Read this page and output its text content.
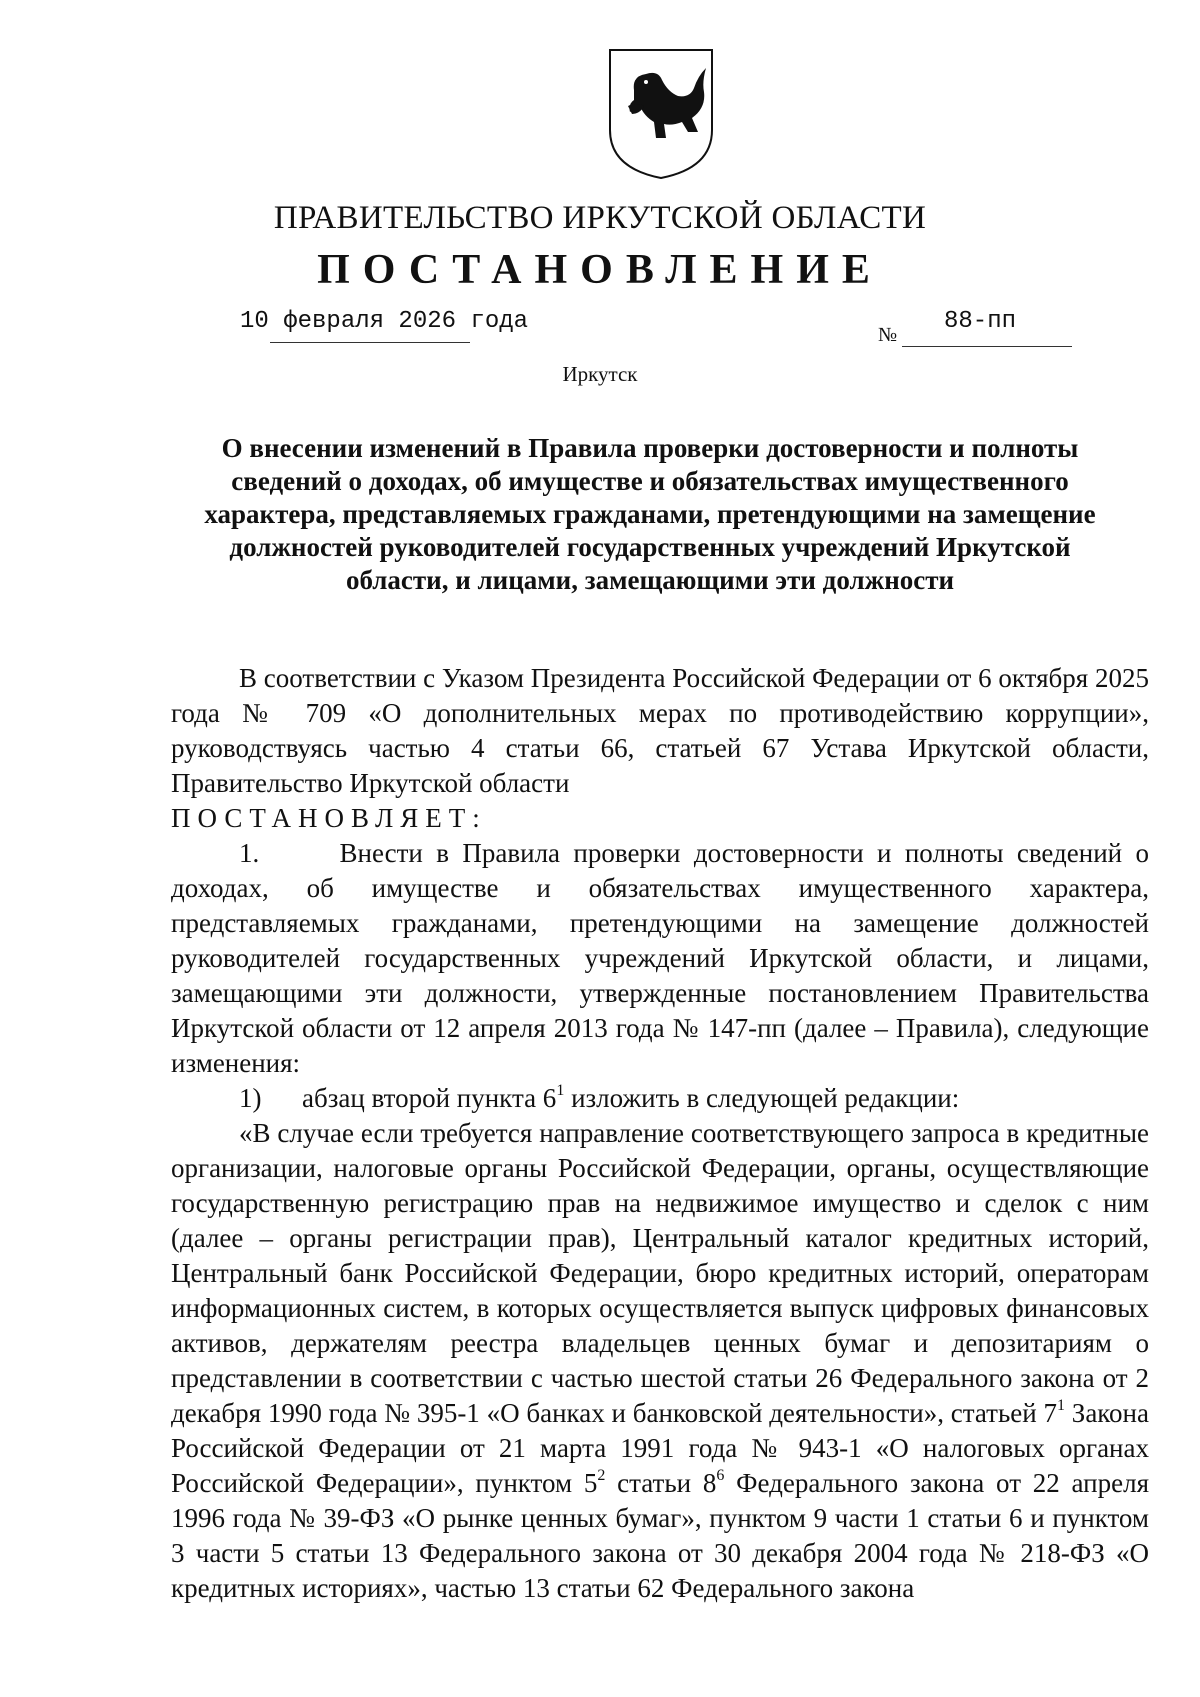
ПРАВИТЕЛЬСТВО ИРКУТСКОЙ ОБЛАСТИ
ПОСТАНОВЛЕНИЕ
10 февраля 2026 года	№ 88-пп
Иркутск
О внесении изменений в Правила проверки достоверности и полноты сведений о доходах, об имуществе и обязательствах имущественного характера, представляемых гражданами, претендующими на замещение должностей руководителей государственных учреждений Иркутской области, и лицами, замещающими эти должности

В соответствии с Указом Президента Российской Федерации от 6 октября 2025 года № 709 «О дополнительных мерах по противодействию коррупции», руководствуясь частью 4 статьи 66, статьей 67 Устава Иркутской области, Правительство Иркутской области

ПОСТАНОВЛЯЕТ:

1.      Внести в Правила проверки достоверности и полноты сведений о доходах, об имуществе и обязательствах имущественного характера, представляемых гражданами, претендующими на замещение должностей руководителей государственных учреждений Иркутской области, и лицами, замещающими эти должности, утвержденные постановлением Правительства Иркутской области от 12 апреля 2013 года № 147-пп (далее – Правила), следующие изменения:

1)      абзац второй пункта $6^1$ изложить в следующей редакции:

«В случае если требуется направление соответствующего запроса в кредитные организации, налоговые органы Российской Федерации, органы, осуществляющие государственную регистрацию прав на недвижимое имущество и сделок с ним (далее – органы регистрации прав), Центральный каталог кредитных историй, Центральный банк Российской Федерации, бюро кредитных историй, операторам информационных систем, в которых осуществляется выпуск цифровых финансовых активов, держателям реестра владельцев ценных бумаг и депозитариям о представлении в соответствии с частью шестой статьи 26 Федерального закона от 2 декабря 1990 года № 395-1 «О банках и банковской деятельности», статьей $7^1$ Закона Российской Федерации от 21 марта 1991 года № 943-1 «О налоговых органах Российской Федерации», пунктом $5^2$ статьи $8^6$ Федерального закона от 22 апреля 1996 года № 39-ФЗ «О рынке ценных бумаг», пунктом 9 части 1 статьи 6 и пунктом 3 части 5 статьи 13 Федерального закона от 30 декабря 2004 года № 218-ФЗ «О кредитных историях», частью 13 статьи 62 Федерального закона
